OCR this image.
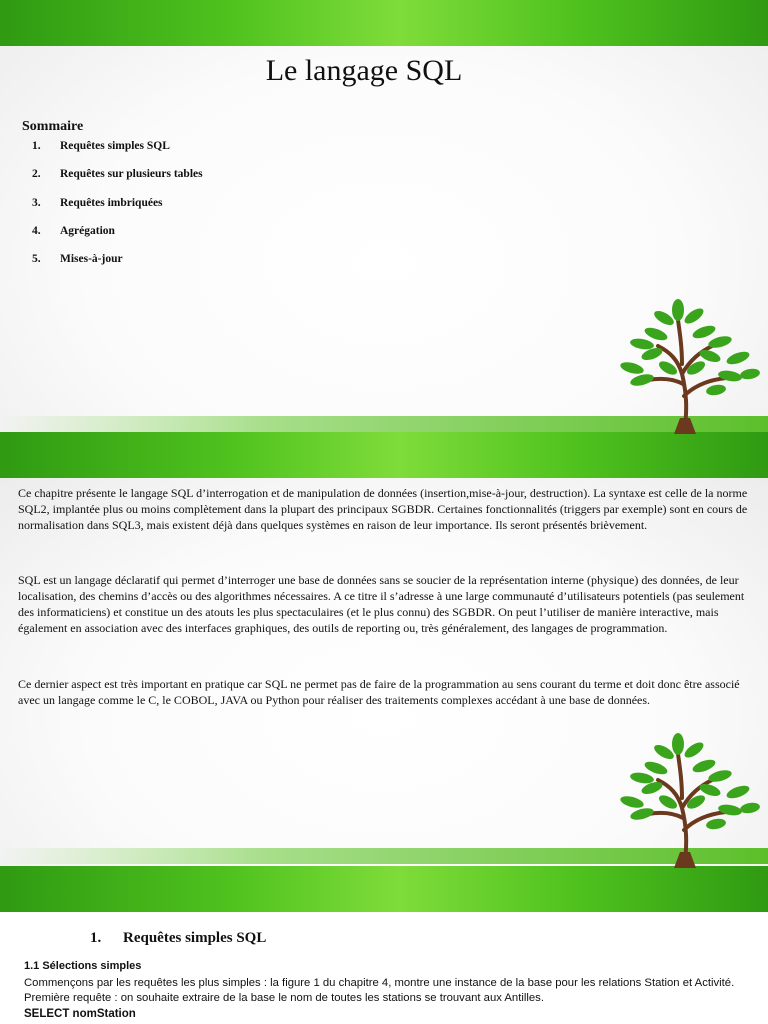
Le langage SQL
Sommaire
1.	Requêtes simples SQL
2.	Requêtes sur plusieurs tables
3.	Requêtes imbriquées
4.	Agrégation
5.	Mises-à-jour

Ce chapitre présente le langage SQL d’interrogation et de manipulation de données (insertion,mise-à-jour, destruction). La syntaxe est celle de la norme SQL2, implantée plus ou moins complètement dans la plupart des principaux SGBDR. Certaines fonctionnalités (triggers par exemple) sont en cours de normalisation dans SQL3, mais existent déjà dans quelques systèmes en raison de leur importance. Ils seront présentés brièvement.

SQL est un langage déclaratif qui permet d’interroger une base de données sans se soucier de la représentation interne (physique) des données, de leur localisation, des chemins d’accès ou des algorithmes nécessaires. A ce titre il s’adresse à une large communauté d’utilisateurs potentiels (pas seulement des informaticiens) et constitue un des atouts les plus spectaculaires (et le plus connu) des SGBDR. On peut l’utiliser de manière interactive, mais également en association avec des interfaces graphiques, des outils de reporting ou, très généralement, des langages de programmation.

Ce dernier aspect est très important en pratique car SQL ne permet pas de faire de la programmation au sens courant du terme et doit donc être associé avec un langage comme le C, le COBOL, JAVA ou Python pour réaliser des traitements complexes accédant à une base de données.

1.	Requêtes simples SQL
1.1 Sélections simples

Commençons par les requêtes les plus simples : la figure 1 du chapitre 4, montre une instance de la base pour les relations Station et Activité. Première requête : on souhaite extraire de la base le nom de toutes les stations se trouvant aux Antilles.

SELECT nomStation
